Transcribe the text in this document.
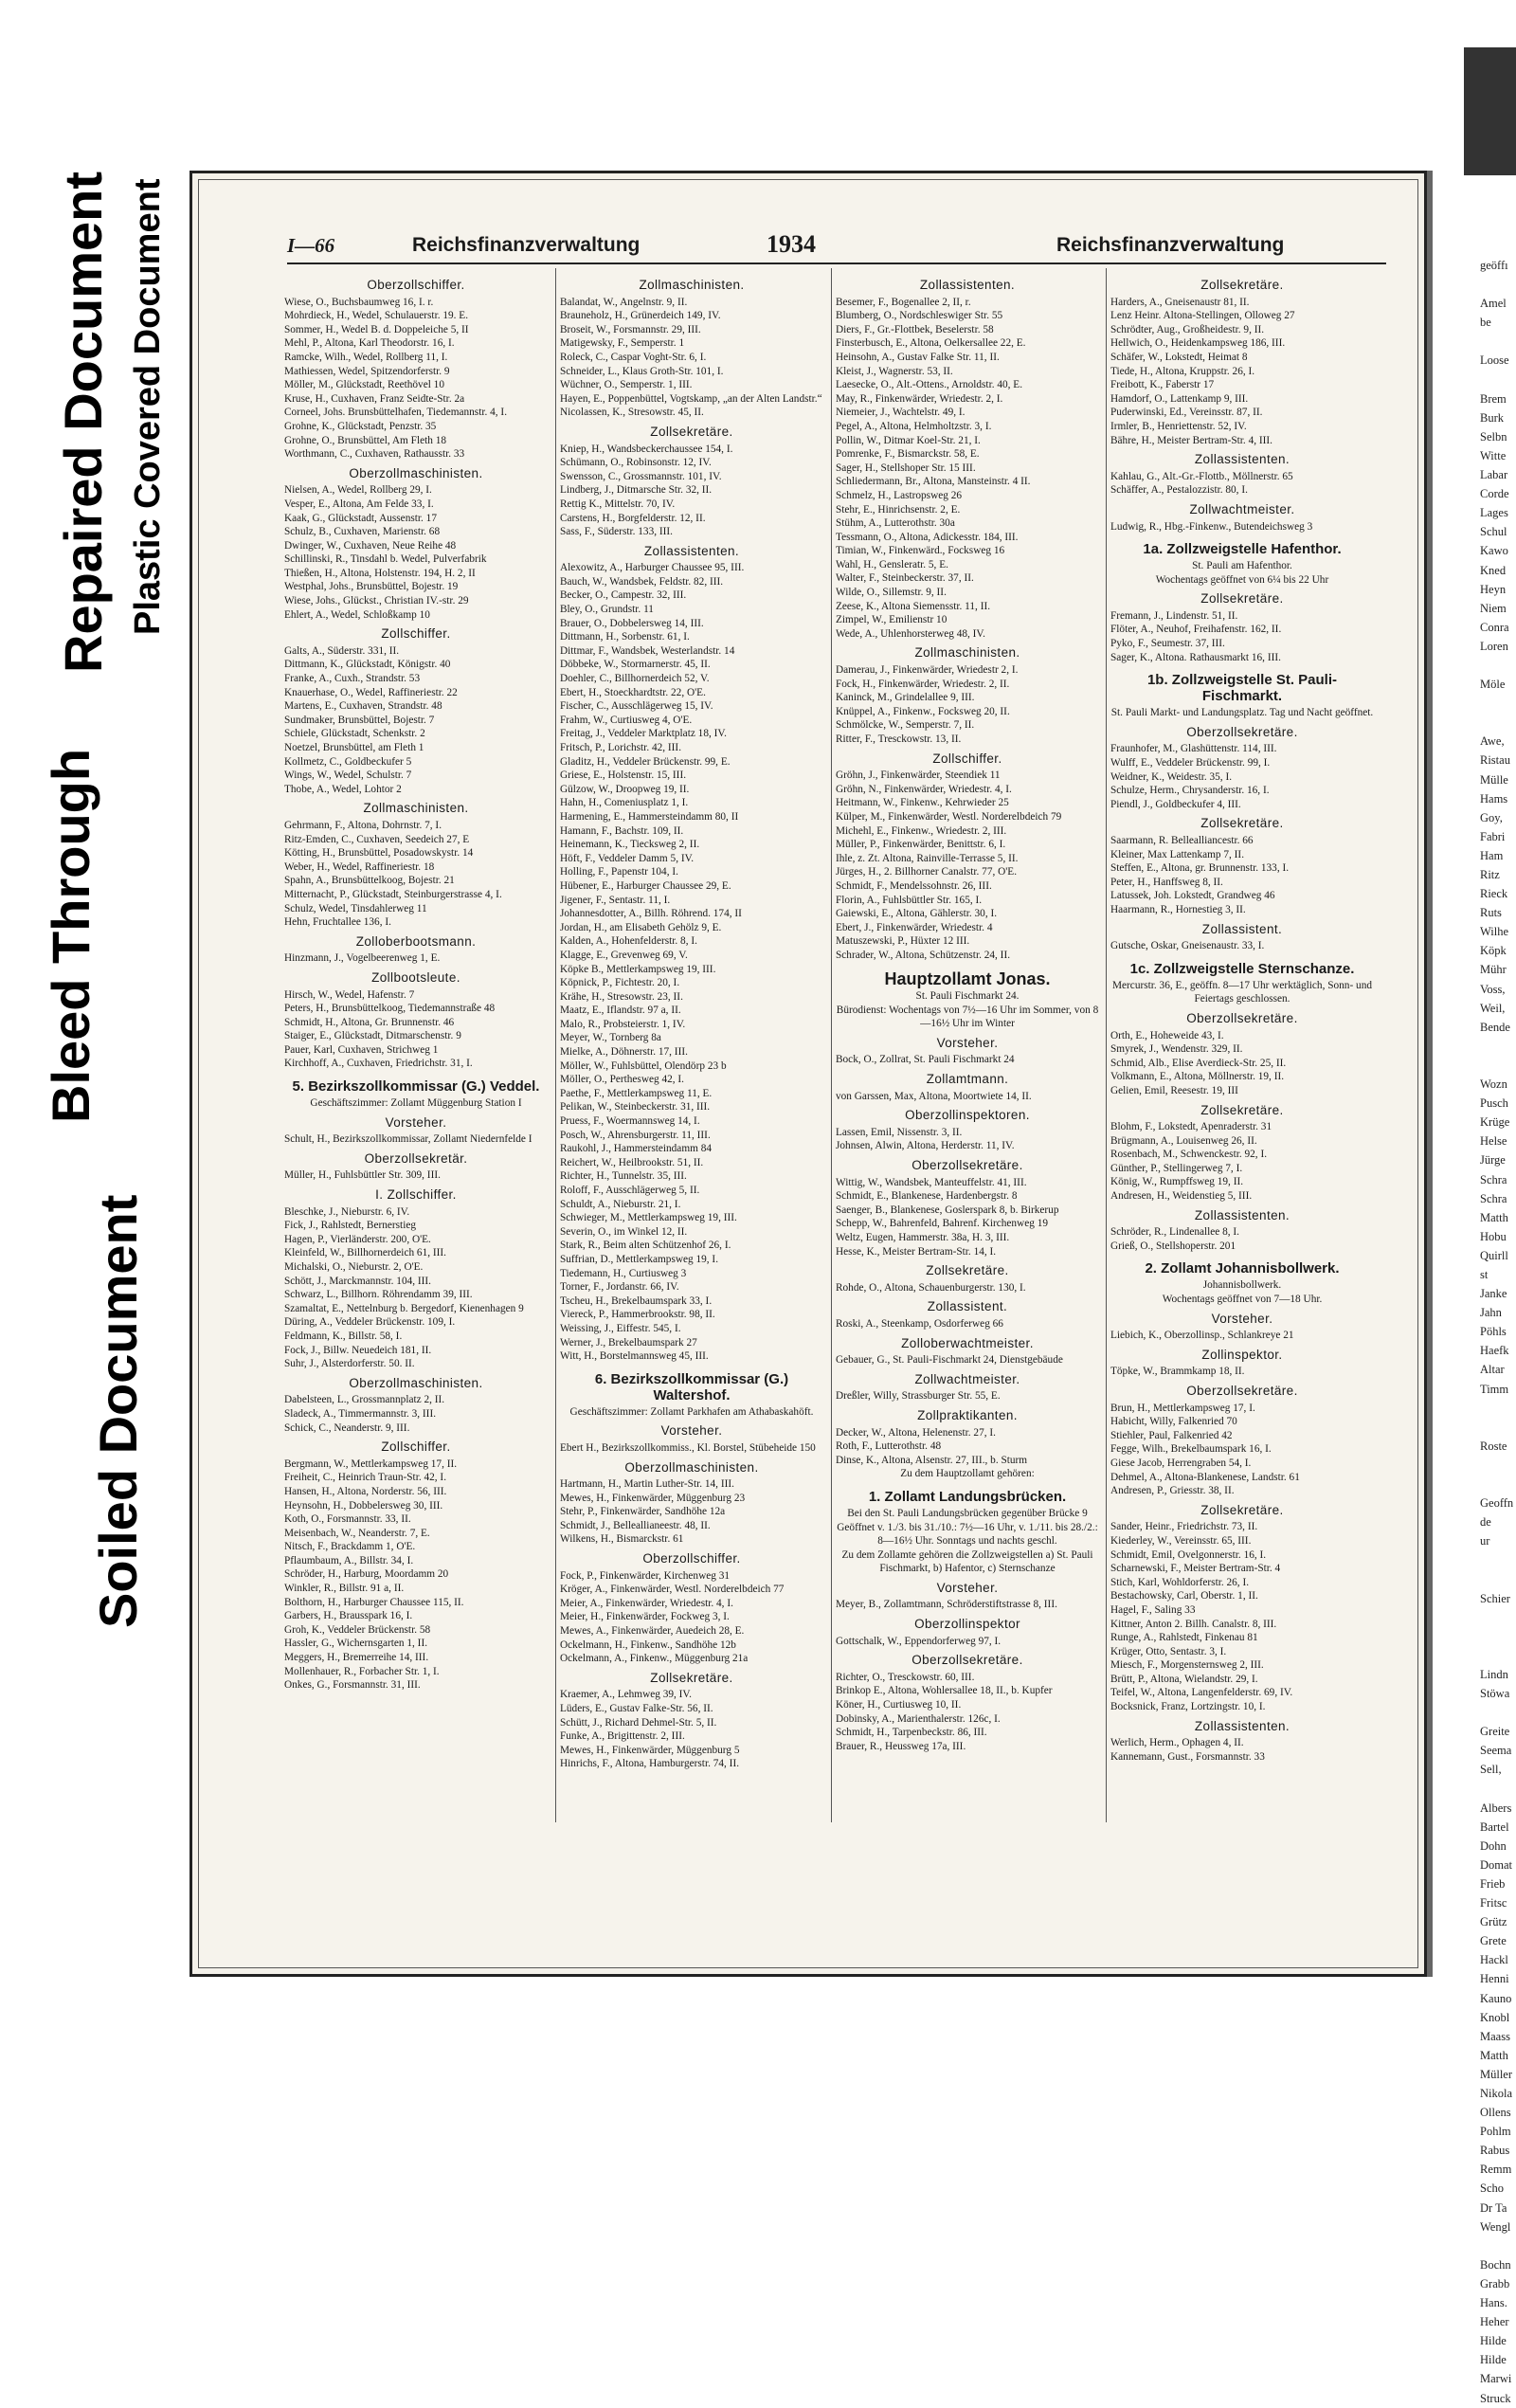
Soiled Document
Bleed Through
Plastic Covered Document
Repaired Document	I—66	Reichsfinanzverwaltung	1934	Reichsfinanzverwaltung
Oberzollschiffer.
Wiese, O., Buchsbaumweg 16, I. r.
Mohrdieck, H., Wedel, Schulauerstr. 19. E.
Sommer, H., Wedel B. d. Doppeleiche 5, II
Mehl, P., Altona, Karl Theodorstr. 16, I.
Ramcke, Wilh., Wedel, Rollberg 11, I.
Mathiessen, Wedel, Spitzendorferstr. 9
Möller, M., Glückstadt, Reethövel 10
Kruse, H., Cuxhaven, Franz Seidte-Str. 2a
Corneel, Johs. Brunsbüttelhafen, Tiedemannstr. 4, I.
Grohne, K., Glückstadt, Penzstr. 35
Grohne, O., Brunsbüttel, Am Fleth 18
Worthmann, C., Cuxhaven, Rathausstr. 33
Oberzollmaschinisten.
Nielsen, A., Wedel, Rollberg 29, I.
Vesper, E., Altona, Am Felde 33, I.
Kaak, G., Glückstadt, Aussenstr. 17
Schulz, B., Cuxhaven, Marienstr. 68
Dwinger, W., Cuxhaven, Neue Reihe 48
Schillinski, R., Tinsdahl b. Wedel, Pulverfabrik
Thießen, H., Altona, Holstenstr. 194, H. 2, II
Westphal, Johs., Brunsbüttel, Bojestr. 19
Wiese, Johs., Glückst., Christian IV.-str. 29
Ehlert, A., Wedel, Schloßkamp 10
Zollschiffer.
Galts, A., Süderstr. 331, II.
Dittmann, K., Glückstadt, Königstr. 40
Franke, A., Cuxh., Strandstr. 53
Knauerhase, O., Wedel, Raffineriestr. 22
Martens, E., Cuxhaven, Strandstr. 48
Sundmaker, Brunsbüttel, Bojestr. 7
Schiele, Glückstadt, Schenkstr. 2
Noetzel, Brunsbüttel, am Fleth 1
Kollmetz, C., Goldbeckufer 5
Wings, W., Wedel, Schulstr. 7
Thobe, A., Wedel, Lohtor 2
Zollmaschinisten.
Gehrmann, F., Altona, Dohrnstr. 7, I.
Ritz-Emden, C., Cuxhaven, Seedeich 27, E
Kötting, H., Brunsbüttel, Posadowskystr. 14
Weber, H., Wedel, Raffineriestr. 18
Spahn, A., Brunsbüttelkoog, Bojestr. 21
Mitternacht, P., Glückstadt, Steinburgerstrasse 4, I.
Schulz, Wedel, Tinsdahlerweg 11
Hehn, Fruchtallee 136, I.
Zolloberbootsmann.
Hinzmann, J., Vogelbeerenweg 1, E.
Zollbootsleute.
Hirsch, W., Wedel, Hafenstr. 7
Peters, H., Brunsbüttelkoog, Tiedemannstraße 48
Schmidt, H., Altona, Gr. Brunnenstr. 46
Staiger, E., Glückstadt, Ditmarschenstr. 9
Pauer, Karl, Cuxhaven, Strichweg 1
Kirchhoff, A., Cuxhaven, Friedrichstr. 31, I.
5. Bezirkszollkommissar (G.) Veddel.
Geschäftszimmer: Zollamt Müggenburg Station I
Vorsteher.
Schult, H., Bezirkszollkommissar, Zollamt Niedernfelde I
Oberzollsekretär.
Müller, H., Fuhlsbüttler Str. 309, III.
I. Zollschiffer.
Bleschke, J., Nieburstr. 6, IV.
Fick, J., Rahlstedt, Bernerstieg
Hagen, P., Vierländerstr. 200, O'E.
Kleinfeld, W., Billhornerdeich 61, III.
Michalski, O., Nieburstr. 2, O'E.
Schött, J., Marckmannstr. 104, III.
Schwarz, L., Billhorn. Röhrendamm 39, III.
Szamaltat, E., Nettelnburg b. Bergedorf, Kienenhagen 9
Düring, A., Veddeler Brückenstr. 109, I.
Feldmann, K., Billstr. 58, I.
Fock, J., Billw. Neuedeich 181, II.
Suhr, J., Alsterdorferstr. 50. II.
Oberzollmaschinisten.
Dabelsteen, L., Grossmannplatz 2, II.
Sladeck, A., Timmermannstr. 3, III.
Schick, C., Neanderstr. 9, III.
Zollschiffer.
Bergmann, W., Mettlerkampsweg 17, II.
Freiheit, C., Heinrich Traun-Str. 42, I.
Hansen, H., Altona, Norderstr. 56, III.
Heynsohn, H., Dobbelersweg 30, III.
Koth, O., Forsmannstr. 33, II.
Meisenbach, W., Neanderstr. 7, E.
Nitsch, F., Brackdamm 1, O'E.
Pflaumbaum, A., Billstr. 34, I.
Schröder, H., Harburg, Moordamm 20
Winkler, R., Billstr. 91 a, II.
Bolthorn, H., Harburger Chaussee 115, II.
Garbers, H., Brausspark 16, I.
Groh, K., Veddeler Brückenstr. 58
Hassler, G., Wichernsgarten 1, II.
Meggers, H., Bremerreihe 14, III.
Mollenhauer, R., Forbacher Str. 1, I.
Onkes, G., Forsmannstr. 31, III.
Zollmaschinisten.
Balandat, W., Angelnstr. 9, II.
Brauneholz, H., Grünerdeich 149, IV.
Broseit, W., Forsmannstr. 29, III.
Matigewsky, F., Semperstr. 1
Roleck, C., Caspar Voght-Str. 6, I.
Schneider, L., Klaus Groth-Str. 101, I.
Wüchner, O., Semperstr. 1, III.
Hayen, E., Poppenbüttel, Vogtskamp, „an der Alten Landstr.“
Nicolassen, K., Stresowstr. 45, II.
Zollsekretäre.
Kniep, H., Wandsbeckerchaussee 154, I.
Schümann, O., Robinsonstr. 12, IV.
Swensson, C., Grossmannstr. 101, IV.
Lindberg, J., Ditmarsche Str. 32, II.
Rettig K., Mittelstr. 70, IV.
Carstens, H., Borgfelderstr. 12, II.
Sass, F., Süderstr. 133, III.
Zollassistenten.
Alexowitz, A., Harburger Chaussee 95, III.
Bauch, W., Wandsbek, Feldstr. 82, III.
Becker, O., Campestr. 32, III.
Bley, O., Grundstr. 11
Brauer, O., Dobbelersweg 14, III.
Dittmann, H., Sorbenstr. 61, I.
Dittmar, F., Wandsbek, Westerlandstr. 14
Döbbeke, W., Stormarnerstr. 45, II.
Doehler, C., Billhornerdeich 52, V.
Ebert, H., Stoeckhardtstr. 22, O'E.
Fischer, C., Ausschlägerweg 15, IV.
Frahm, W., Curtiusweg 4, O'E.
Freitag, J., Veddeler Marktplatz 18, IV.
Fritsch, P., Lorichstr. 42, III.
Gladitz, H., Veddeler Brückenstr. 99, E.
Griese, E., Holstenstr. 15, III.
Gülzow, W., Droopweg 19, II.
Hahn, H., Comeniusplatz 1, I.
Harmening, E., Hammersteindamm 80, II
Hamann, F., Bachstr. 109, II.
Heinemann, K., Tiecksweg 2, II.
Höft, F., Veddeler Damm 5, IV.
Holling, F., Papenstr 104, I.
Hübener, E., Harburger Chaussee 29, E.
Jigener, F., Sentastr. 11, I.
Johannesdotter, A., Billh. Röhrend. 174, II
Jordan, H., am Elisabeth Gehölz 9, E.
Kalden, A., Hohenfelderstr. 8, I.
Klagge, E., Grevenweg 69, V.
Köpke B., Mettlerkampsweg 19, III.
Köpnick, P., Fichtestr. 20, I.
Krähe, H., Stresowstr. 23, II.
Maatz, E., Iflandstr. 97 a, II.
Malo, R., Probsteierstr. 1, IV.
Meyer, W., Tornberg 8a
Mielke, A., Döhnerstr. 17, III.
Möller, W., Fuhlsbüttel, Olendörp 23 b
Möller, O., Perthesweg 42, I.
Paethe, F., Mettlerkampsweg 11, E.
Pelikan, W., Steinbeckerstr. 31, III.
Pruess, F., Woermannsweg 14, I.
Posch, W., Ahrensburgerstr. 11, III.
Raukohl, J., Hammersteindamm 84
Reichert, W., Heilbrookstr. 51, II.
Richter, H., Tunnelstr. 35, III.
Roloff, F., Ausschlägerweg 5, II.
Schuldt, A., Nieburstr. 21, I.
Schwieger, M., Mettlerkampsweg 19, III.
Severin, O., im Winkel 12, II.
Stark, R., Beim alten Schützenhof 26, I.
Suffrian, D., Mettlerkampsweg 19, I.
Tiedemann, H., Curtiusweg 3
Torner, F., Jordanstr. 66, IV.
Tscheu, H., Brekelbaumspark 33, I.
Viereck, P., Hammerbrookstr. 98, II.
Weissing, J., Eiffestr. 545, I.
Werner, J., Brekelbaumspark 27
Witt, H., Borstelmannsweg 45, III.
6. Bezirkszollkommissar (G.) Waltershof.
Geschäftszimmer: Zollamt Parkhafen am Athabaskahöft.
Vorsteher.
Ebert H., Bezirkszollkommiss., Kl. Borstel, Stübeheide 150
Oberzollmaschinisten.
Hartmann, H., Martin Luther-Str. 14, III.
Mewes, H., Finkenwärder, Müggenburg 23
Stehr, P., Finkenwärder, Sandhöhe 12a
Schmidt, J., Belleallianeestr. 48, II.
Wilkens, H., Bismarckstr. 61
Oberzollschiffer.
Fock, P., Finkenwärder, Kirchenweg 31
Kröger, A., Finkenwärder, Westl. Norderelbdeich 77
Meier, A., Finkenwärder, Wriedestr. 4, I.
Meier, H., Finkenwärder, Fockweg 3, I.
Mewes, A., Finkenwärder, Auedeich 28, E.
Ockelmann, H., Finkenw., Sandhöhe 12b
Ockelmann, A., Finkenw., Müggenburg 21a
Zollsekretäre.
Kraemer, A., Lehmweg 39, IV.
Lüders, E., Gustav Falke-Str. 56, II.
Schütt, J., Richard Dehmel-Str. 5, II.
Funke, A., Brigittenstr. 2, III.
Mewes, H., Finkenwärder, Müggenburg 5
Hinrichs, F., Altona, Hamburgerstr. 74, II.
Zollassistenten.
Besemer, F., Bogenallee 2, II, r.
Blumberg, O., Nordschleswiger Str. 55
Diers, F., Gr.-Flottbek, Beselerstr. 58
Finsterbusch, E., Altona, Oelkersallee 22, E.
Heinsohn, A., Gustav Falke Str. 11, II.
Kleist, J., Wagnerstr. 53, II.
Laesecke, O., Alt.-Ottens., Arnoldstr. 40, E.
May, R., Finkenwärder, Wriedestr. 2, I.
Niemeier, J., Wachtelstr. 49, I.
Pegel, A., Altona, Helmholtzstr. 3, I.
Pollin, W., Ditmar Koel-Str. 21, I.
Pomrenke, F., Bismarckstr. 58, E.
Sager, H., Stellshoper Str. 15 III.
Schliedermann, Br., Altona, Mansteinstr. 4 II.
Schmelz, H., Lastropsweg 26
Stehr, E., Hinrichsenstr. 2, E.
Stühm, A., Lutterothstr. 30a
Tessmann, O., Altona, Adickesstr. 184, III.
Timian, W., Finkenwärd., Focksweg 16
Wahl, H., Gensleratr. 5, E.
Walter, F., Steinbeckerstr. 37, II.
Wilde, O., Sillemstr. 9, II.
Zeese, K., Altona Siemensstr. 11, II.
Zimpel, W., Emilienstr 10
Wede, A., Uhlenhorsterweg 48, IV.
Zollmaschinisten.
Damerau, J., Finkenwärder, Wriedestr 2, I.
Fock, H., Finkenwärder, Wriedestr. 2, II.
Kaninck, M., Grindelallee 9, III.
Knüppel, A., Finkenw., Focksweg 20, II.
Schmölcke, W., Semperstr. 7, II.
Ritter, F., Tresckowstr. 13, II.
Zollschiffer.
Gröhn, J., Finkenwärder, Steendiek 11
Gröhn, N., Finkenwärder, Wriedestr. 4, I.
Heitmann, W., Finkenw., Kehrwieder 25
Külper, M., Finkenwärder, Westl. Norderelbdeich 79
Michehl, E., Finkenw., Wriedestr. 2, III.
Müller, P., Finkenwärder, Benittstr. 6, I.
Ihle, z. Zt. Altona, Rainville-Terrasse 5, II.
Jürges, H., 2. Billhorner Canalstr. 77, O'E.
Schmidt, F., Mendelssohnstr. 26, III.
Florin, A., Fuhlsbüttler Str. 165, I.
Gaiewski, E., Altona, Gählerstr. 30, I.
Ebert, J., Finkenwärder, Wriedestr. 4
Matuszewski, P., Hüxter 12 III.
Schrader, W., Altona, Schützenstr. 24, II.
Hauptzollamt Jonas.
St. Pauli Fischmarkt 24.
Bürodienst: Wochentags von 7½—16 Uhr im Sommer, von 8—16½ Uhr im Winter
Vorsteher.
Bock, O., Zollrat, St. Pauli Fischmarkt 24
Zollamtmann.
von Garssen, Max, Altona, Moortwiete 14, II.
Oberzollinspektoren.
Lassen, Emil, Nissenstr. 3, II.
Johnsen, Alwin, Altona, Herderstr. 11, IV.
Oberzollsekretäre.
Wittig, W., Wandsbek, Manteuffelstr. 41, III.
Schmidt, E., Blankenese, Hardenbergstr. 8
Saenger, B., Blankenese, Goslerspark 8, b. Birkerup
Schepp, W., Bahrenfeld, Bahrenf. Kirchenweg 19
Weltz, Eugen, Hammerstr. 38a, H. 3, III.
Hesse, K., Meister Bertram-Str. 14, I.
Zollsekretäre.
Rohde, O., Altona, Schauenburgerstr. 130, I.
Zollassistent.
Roski, A., Steenkamp, Osdorferweg 66
Zolloberwachtmeister.
Gebauer, G., St. Pauli-Fischmarkt 24, Dienstgebäude
Zollwachtmeister.
Dreßler, Willy, Strassburger Str. 55, E.
Zollpraktikanten.
Decker, W., Altona, Helenenstr. 27, I.
Roth, F., Lutterothstr. 48
Dinse, K., Altona, Alsenstr. 27, III., b. Sturm
Zu dem Hauptzollamt gehören:
1. Zollamt Landungsbrücken.
Bei den St. Pauli Landungsbrücken gegenüber Brücke 9
Geöffnet v. 1./3. bis 31./10.: 7½—16 Uhr, v. 1./11. bis 28./2.: 8—16½ Uhr. Sonntags und nachts geschl.
Zu dem Zollamte gehören die Zollzweigstellen a) St. Pauli Fischmarkt, b) Hafentor, c) Sternschanze
Vorsteher.
Meyer, B., Zollamtmann, Schröderstiftstrasse 8, III.
Oberzollinspektor
Gottschalk, W., Eppendorferweg 97, I.
Oberzollsekretäre.
Richter, O., Tresckowstr. 60, III.
Brinkop E., Altona, Wohlersallee 18, II., b. Kupfer
Köner, H., Curtiusweg 10, II.
Dobinsky, A., Marienthalerstr. 126c, I.
Schmidt, H., Tarpenbeckstr. 86, III.
Brauer, R., Heussweg 17a, III.
Zollsekretäre.
Harders, A., Gneisenaustr 81, II.
Lenz Heinr. Altona-Stellingen, Olloweg 27
Schrödter, Aug., Großheidestr. 9, II.
Hellwich, O., Heidenkampsweg 186, III.
Schäfer, W., Lokstedt, Heimat 8
Tiede, H., Altona, Kruppstr. 26, I.
Freibott, K., Faberstr 17
Hamdorf, O., Lattenkamp 9, III.
Puderwinski, Ed., Vereinsstr. 87, II.
Irmler, B., Henriettenstr. 52, IV.
Bähre, H., Meister Bertram-Str. 4, III.
Zollassistenten.
Kahlau, G., Alt.-Gr.-Flottb., Möllnerstr. 65
Schäffer, A., Pestalozzistr. 80, I.
Zollwachtmeister.
Ludwig, R., Hbg.-Finkenw., Butendeichsweg 3
1a. Zollzweigstelle Hafenthor.
St. Pauli am Hafenthor.
Wochentags geöffnet von 6¼ bis 22 Uhr
Zollsekretäre.
Fremann, J., Lindenstr. 51, II.
Flöter, A., Neuhof, Freihafenstr. 162, II.
Pyko, F., Seumestr. 37, III.
Sager, K., Altona. Rathausmarkt 16, III.
1b. Zollzweigstelle St. Pauli-Fischmarkt.
St. Pauli Markt- und Landungsplatz. Tag und Nacht geöffnet.
Oberzollsekretäre.
Fraunhofer, M., Glashüttenstr. 114, III.
Wulff, E., Veddeler Brückenstr. 99, I.
Weidner, K., Weidestr. 35, I.
Schulze, Herm., Chrysanderstr. 16, I.
Piendl, J., Goldbeckufer 4, III.
Zollsekretäre.
Saarmann, R. Bellealliancestr. 66
Kleiner, Max Lattenkamp 7, II.
Steffen, E., Altona, gr. Brunnenstr. 133, I.
Peter, H., Hanffsweg 8, II.
Latussek, Joh. Lokstedt, Grandweg 46
Haarmann, R., Hornestieg 3, II.
Zollassistent.
Gutsche, Oskar, Gneisenaustr. 33, I.
1c. Zollzweigstelle Sternschanze.
Mercurstr. 36, E., geöffn. 8—17 Uhr werktäglich, Sonn- und Feiertags geschlossen.
Oberzollsekretäre.
Orth, E., Hoheweide 43, I.
Smyrek, J., Wendenstr. 329, II.
Schmid, Alb., Elise Averdieck-Str. 25, II.
Volkmann, E., Altona, Möllnerstr. 19, II.
Gelien, Emil, Reesestr. 19, III
Zollsekretäre.
Blohm, F., Lokstedt, Apenraderstr. 31
Brügmann, A., Louisenweg 26, II.
Rosenbach, M., Schwenckestr. 92, I.
Günther, P., Stellingerweg 7, I.
König, W., Rumpffsweg 19, II.
Andresen, H., Weidenstieg 5, III.
Zollassistenten.
Schröder, R., Lindenallee 8, I.
Grieß, O., Stellshoperstr. 201
2. Zollamt Johannisbollwerk.
Johannisbollwerk.
Wochentags geöffnet von 7—18 Uhr.
Vorsteher.
Liebich, K., Oberzollinsp., Schlankreye 21
Zollinspektor.
Töpke, W., Brammkamp 18, II.
Oberzollsekretäre.
Brun, H., Mettlerkampsweg 17, I.
Habicht, Willy, Falkenried 70
Stiehler, Paul, Falkenried 42
Fegge, Wilh., Brekelbaumspark 16, I.
Giese Jacob, Herrengraben 54, I.
Dehmel, A., Altona-Blankenese, Landstr. 61
Andresen, P., Griesstr. 38, II.
Zollsekretäre.
Sander, Heinr., Friedrichstr. 73, II.
Kiederley, W., Vereinsstr. 65, III.
Schmidt, Emil, Ovelgonnerstr. 16, I.
Scharnewski, F., Meister Bertram-Str. 4
Stich, Karl, Wohldorferstr. 26, I.
Bestachowsky, Carl, Oberstr. 1, II.
Hagel, F., Saling 33
Kittner, Anton 2. Billh. Canalstr. 8, III.
Runge, A., Rahlstedt, Finkenau 81
Krüger, Otto, Sentastr. 3, I.
Miesch, F., Morgensternsweg 2, III.
Brütt, P., Altona, Wielandstr. 29, I.
Teifel, W., Altona, Langenfelderstr. 69, IV.
Bocksnick, Franz, Lortzingstr. 10, I.
Zollassistenten.
Werlich, Herm., Ophagen 4, II.
Kannemann, Gust., Forsmannstr. 33
geöffı

Amel
be

Loose

Brem
Burk
Selbn
Witte
Labar
Corde
Lages
Schul
Kawo
Kned
Heyn
Niem
Conra
Loren

Möle

Awe,
Ristau
Mülle
Hams
Goy,
Fabri
Ham
Ritz
Rieck
Ruts
Wilhe
Köpk
Mühr
Voss,
Weil,
Bende

Wozn
Pusch
Krüge
Helse
Jürge
Schra
Schra
Matth
Hobu
Quirll
st
Janke
Jahn
Pöhls
Haefk
Altar
Timm

Roste

Geoffn
de
ur

Schier

Lindn
Stöwa

Greite
Seema
Sell,

Albers
Bartel
Dohn
Domat
Frieb
Fritsc
Grütz
Grete
Hackl
Henni
Kauno
Knobl
Maass
Matth
Müller
Nikola
Ollens
Pohlm
Rabus
Remm
Scho
Dr Ta
Wengl

Bochn
Grabb
Hans.
Heher
Hilde
Hilde
Marwi
Struck
